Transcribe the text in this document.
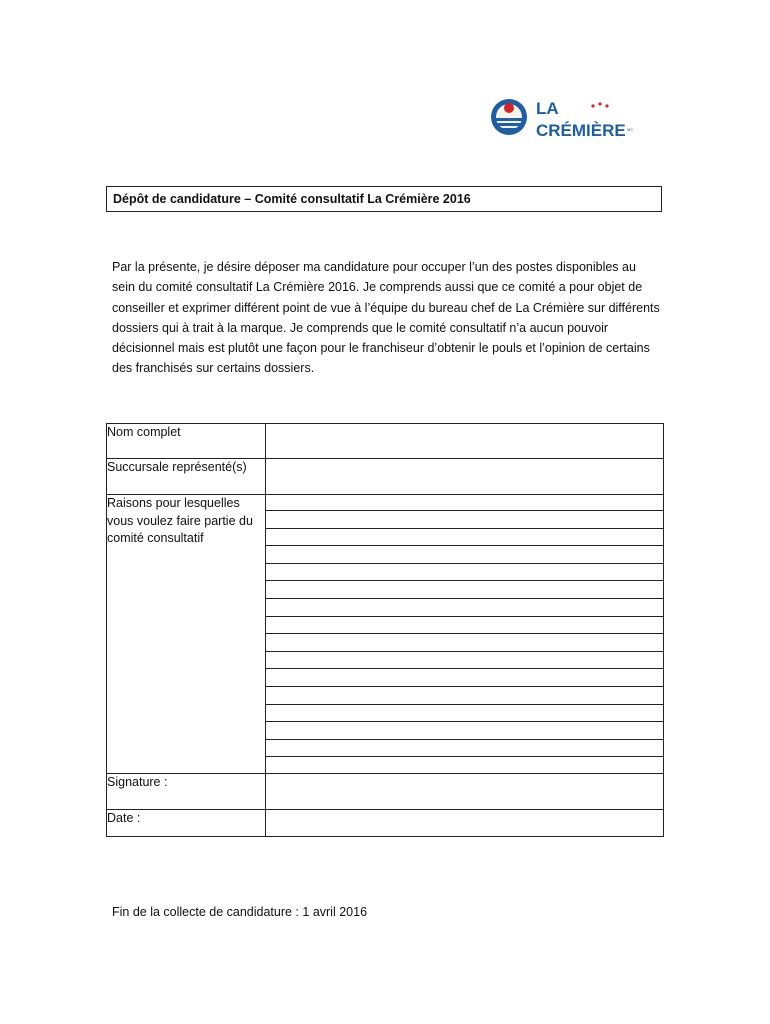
LA
CRÉMIÈRE MC
Dépôt de candidature – Comité consultatif La Crémière 2016

Par la présente, je désire déposer ma candidature pour occuper l’un des postes disponibles au sein du comité consultatif La Crémière 2016. Je comprends aussi que ce comité a pour objet de conseiller et exprimer différent point de vue à l’équipe du bureau chef de La Crémière sur différents dossiers qui à trait à la marque. Je comprends que le comité consultatif n’a aucun pouvoir décisionnel mais est plutôt une façon pour le franchiseur d’obtenir le pouls et l’opinion de certains des franchisés sur certains dossiers.

Nom complet	
Succursale représenté(s)	
Raisons pour lesquelles vous voulez faire partie du comité consultatif	

Signature :	
Date :	
Fin de la collecte de candidature : 1 avril 2016
